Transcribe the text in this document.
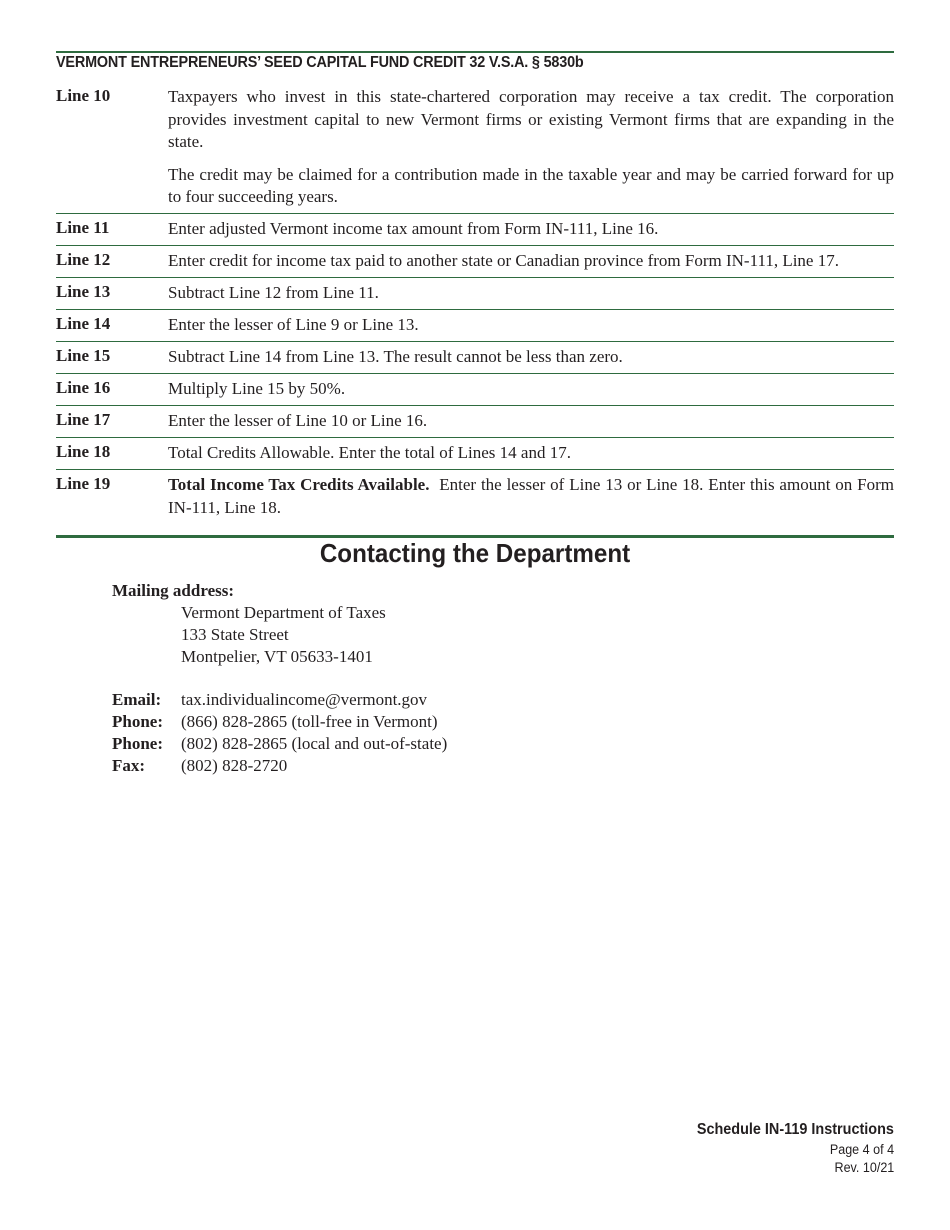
VERMONT ENTREPRENEURS’ SEED CAPITAL FUND CREDIT 32 V.S.A. § 5830b
Line 10	Taxpayers who invest in this state-chartered corporation may receive a tax credit. The corporation provides investment capital to new Vermont firms or existing Vermont firms that are expanding in the state.

The credit may be claimed for a contribution made in the taxable year and may be carried forward for up to four succeeding years.

Line 11	Enter adjusted Vermont income tax amount from Form IN-111, Line 16.
Line 12	Enter credit for income tax paid to another state or Canadian province from Form IN-111, Line 17.
Line 13	Subtract Line 12 from Line 11.
Line 14	Enter the lesser of Line 9 or Line 13.
Line 15	Subtract Line 14 from Line 13. The result cannot be less than zero.
Line 16	Multiply Line 15 by 50%.
Line 17	Enter the lesser of Line 10 or Line 16.
Line 18	Total Credits Allowable. Enter the total of Lines 14 and 17.
Line 19	Total Income Tax Credits Available. Enter the lesser of Line 13 or Line 18. Enter this amount on Form IN-111, Line 18.
Contacting the Department
Mailing address:
Vermont Department of Taxes
133 State Street
Montpelier, VT 05633-1401
Email: tax.individualincome@vermont.gov
Phone: (866) 828-2865 (toll-free in Vermont)
Phone: (802) 828-2865 (local and out-of-state)
Fax: (802) 828-2720
Schedule IN-119 Instructions
Page 4 of 4
Rev. 10/21
